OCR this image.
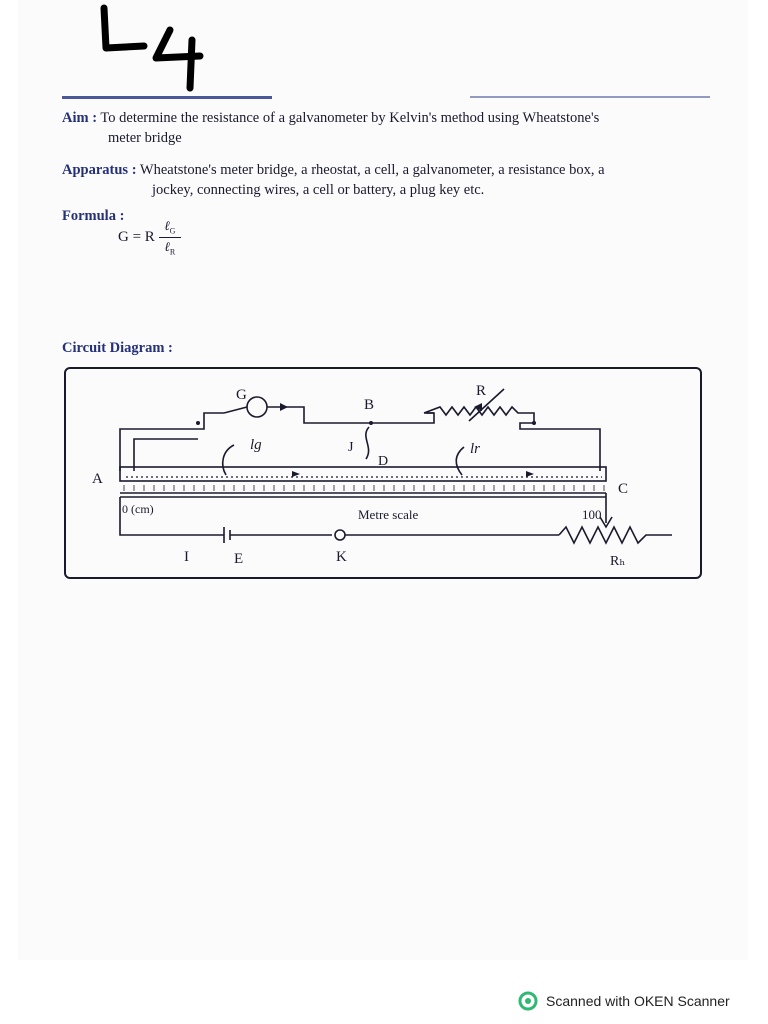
Aim : To determine the resistance of a galvanometer by Kelvin's method using Wheatstone's
meter bridge
Apparatus : Wheatstone's meter bridge, a rheostat, a cell, a galvanometer, a resistance box, a
jockey, connecting wires, a cell or battery, a plug key etc.
Formula :
G = R $\frac{\ell_G}{\ell_R}$
Circuit Diagram :
G
B
R
A
C
J
D
lg	lr
0 (cm)	Metre scale	100
I	E	K	Rₕ
Scanned with OKEN Scanner
